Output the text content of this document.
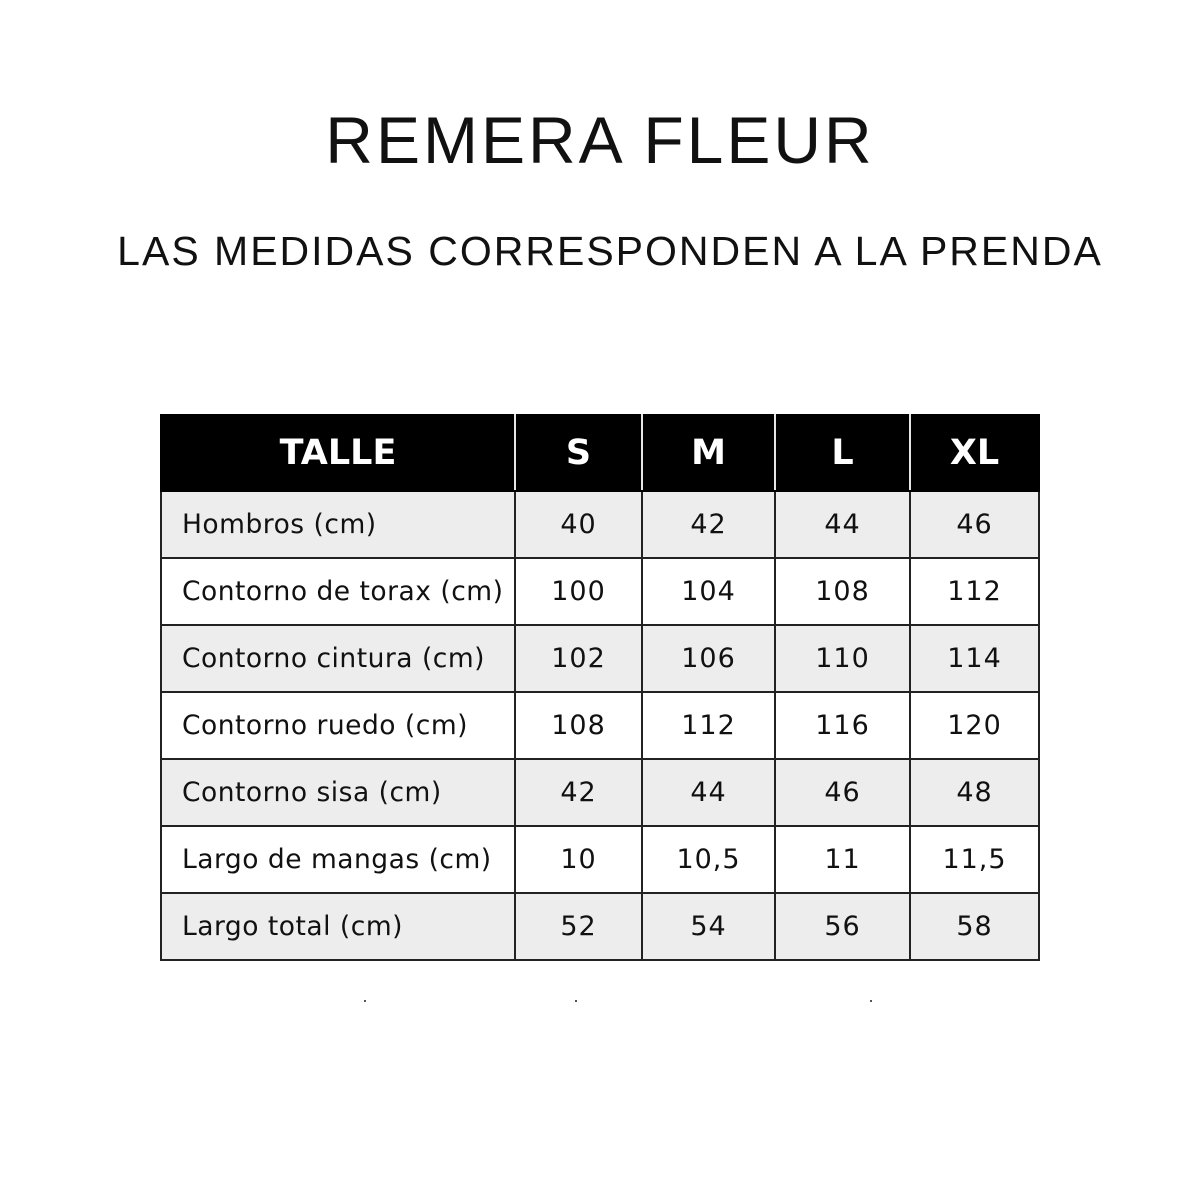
REMERA FLEUR
LAS MEDIDAS CORRESPONDEN A LA PRENDA
TALLE	S	M	L	XL
Hombros (cm)	40	42	44	46
Contorno de torax (cm)	100	104	108	112
Contorno cintura (cm)	102	106	110	114
Contorno ruedo (cm)	108	112	116	120
Contorno sisa (cm)	42	44	46	48
Largo de mangas (cm)	10	10,5	11	11,5
Largo total (cm)	52	54	56	58
